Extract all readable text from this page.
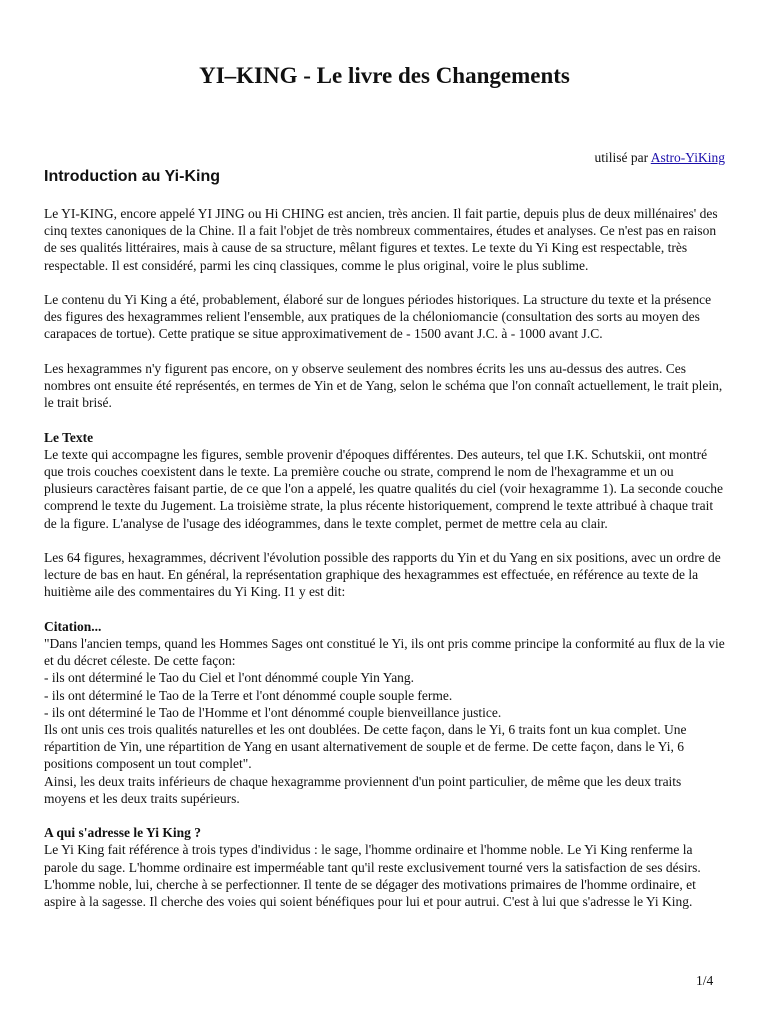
YI–KING - Le livre des Changements
utilisé par Astro-YiKing
Introduction au Yi-King

Le YI-KING, encore appelé YI JING ou Hi CHING est ancien, très ancien. Il fait partie, depuis plus de deux millénaires' des cinq textes canoniques de la Chine. Il a fait l'objet de très nombreux commentaires, études et analyses. Ce n'est pas en raison de ses qualités littéraires, mais à cause de sa structure, mêlant figures et textes. Le texte du Yi King est respectable, très respectable. Il est considéré, parmi les cinq classiques, comme le plus original, voire le plus sublime.

Le contenu du Yi King a été, probablement, élaboré sur de longues périodes historiques. La structure du texte et la présence des figures des hexagrammes relient l'ensemble, aux pratiques de la chéloniomancie (consultation des sorts au moyen des carapaces de tortue). Cette pratique se situe approximativement de - 1500 avant J.C. à - 1000 avant J.C.

Les hexagrammes n'y figurent pas encore, on y observe seulement des nombres écrits les uns au-dessus des autres. Ces nombres ont ensuite été représentés, en termes de Yin et de Yang, selon le schéma que l'on connaît actuellement, le trait plein, le trait brisé.

Le Texte
Le texte qui accompagne les figures, semble provenir d'époques différentes. Des auteurs, tel que I.K. Schutskii, ont montré que trois couches coexistent dans le texte. La première couche ou strate, comprend le nom de l'hexagramme et un ou plusieurs caractères faisant partie, de ce que l'on a appelé, les quatre qualités du ciel (voir hexagramme 1). La seconde couche comprend le texte du Jugement. La troisième strate, la plus récente historiquement, comprend le texte attribué à chaque trait de la figure. L'analyse de l'usage des idéogrammes, dans le texte complet, permet de mettre cela au clair.

Les 64 figures, hexagrammes, décrivent l'évolution possible des rapports du Yin et du Yang en six positions, avec un ordre de lecture de bas en haut. En général, la représentation graphique des hexagrammes est effectuée, en référence au texte de la huitième aile des commentaires du Yi King. I1 y est dit:

Citation...
"Dans l'ancien temps, quand les Hommes Sages ont constitué le Yi, ils ont pris comme principe la conformité au flux de la vie et du décret céleste. De cette façon:
- ils ont déterminé le Tao du Ciel et l'ont dénommé couple Yin Yang.
- ils ont déterminé le Tao de la Terre et l'ont dénommé couple souple ferme.
- ils ont déterminé le Tao de l'Homme et l'ont dénommé couple bienveillance justice.
Ils ont unis ces trois qualités naturelles et les ont doublées. De cette façon, dans le Yi, 6 traits font un kua complet. Une répartition de Yin, une répartition de Yang en usant alternativement de souple et de ferme. De cette façon, dans le Yi, 6 positions composent un tout complet".
Ainsi, les deux traits inférieurs de chaque hexagramme proviennent d'un point particulier, de même que les deux traits moyens et les deux traits supérieurs.

A qui s'adresse le Yi King ?
Le Yi King fait référence à trois types d'individus : le sage, l'homme ordinaire et l'homme noble. Le Yi King renferme la parole du sage. L'homme ordinaire est imperméable tant qu'il reste exclusivement tourné vers la satisfaction de ses désirs. L'homme noble, lui, cherche à se perfectionner. Il tente de se dégager des motivations primaires de l'homme ordinaire, et aspire à la sagesse. Il cherche des voies qui soient bénéfiques pour lui et pour autrui. C'est à lui que s'adresse le Yi King.

1/4
